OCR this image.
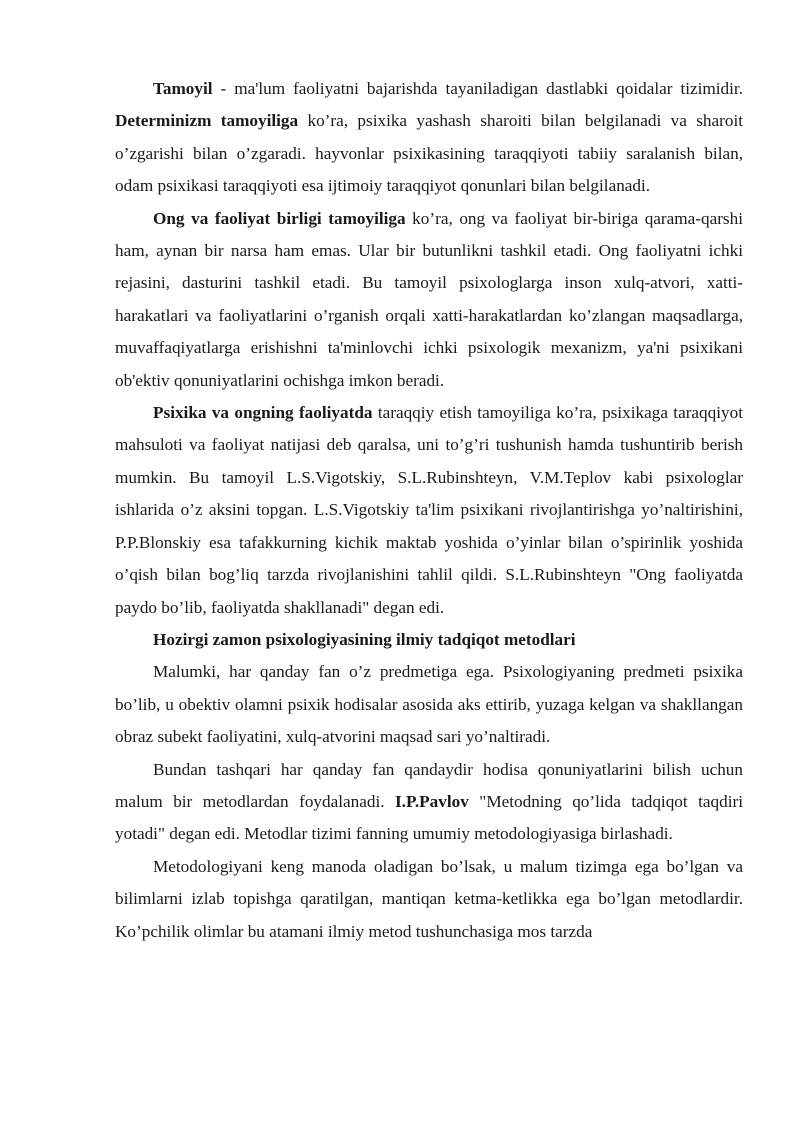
Tamoyil - ma'lum faoliyatni bajarishda tayaniladigan dastlabki qoidalar tizimidir. Determinizm tamoyiliga ko’ra, psixika yashash sharoiti bilan belgilanadi va sharoit o’zgarishi bilan o’zgaradi. hayvonlar psixikasining taraqqiyoti tabiiy saralanish bilan, odam psixikasi taraqqiyoti esa ijtimoiy taraqqiyot qonunlari bilan belgilanadi.

Ong va faoliyat birligi tamoyiliga ko’ra, ong va faoliyat bir-biriga qarama-qarshi ham, aynan bir narsa ham emas. Ular bir butunlikni tashkil etadi. Ong faoliyatni ichki rejasini, dasturini tashkil etadi. Bu tamoyil psixologlarga inson xulq-atvori, xatti-harakatlari va faoliyatlarini o’rganish orqali xatti-harakatlardan ko’zlangan maqsadlarga, muvaffaqiyatlarga erishishni ta'minlovchi ichki psixologik mexanizm, ya'ni psixikani ob'ektiv qonuniyatlarini ochishga imkon beradi.

Psixika va ongning faoliyatda taraqqiy etish tamoyiliga ko’ra, psixikaga taraqqiyot mahsuloti va faoliyat natijasi deb qaralsa, uni to’g’ri tushunish hamda tushuntirib berish mumkin. Bu tamoyil L.S.Vigotskiy, S.L.Rubinshteyn, V.M.Teplov kabi psixologlar ishlarida o’z aksini topgan. L.S.Vigotskiy ta'lim psixikani rivojlantirishga yo’naltirishini, P.P.Blonskiy esa tafakkurning kichik maktab yoshida o’yinlar bilan o’spirinlik yoshida o’qish bilan bog’liq tarzda rivojlanishini tahlil qildi. S.L.Rubinshteyn "Ong faoliyatda paydo bo’lib, faoliyatda shakllanadi" degan edi.

Hozirgi zamon psixologiyasining ilmiy tadqiqot metodlari

Malumki, har qanday fan o’z predmetiga ega. Psixologiyaning predmeti psixika bo’lib, u obektiv olamni psixik hodisalar asosida aks ettirib, yuzaga kelgan va shakllangan obraz subekt faoliyatini, xulq-atvorini maqsad sari yo’naltiradi.

Bundan tashqari har qanday fan qandaydir hodisa qonuniyatlarini bilish uchun malum bir metodlardan foydalanadi. I.P.Pavlov "Metodning qo’lida tadqiqot taqdiri yotadi" degan edi. Metodlar tizimi fanning umumiy metodologiyasiga birlashadi.

Metodologiyani keng manoda oladigan bo’lsak, u malum tizimga ega bo’lgan va bilimlarni izlab topishga qaratilgan, mantiqan ketma-ketlikka ega bo’lgan metodlardir. Ko’pchilik olimlar bu atamani ilmiy metod tushunchasiga mos tarzda
